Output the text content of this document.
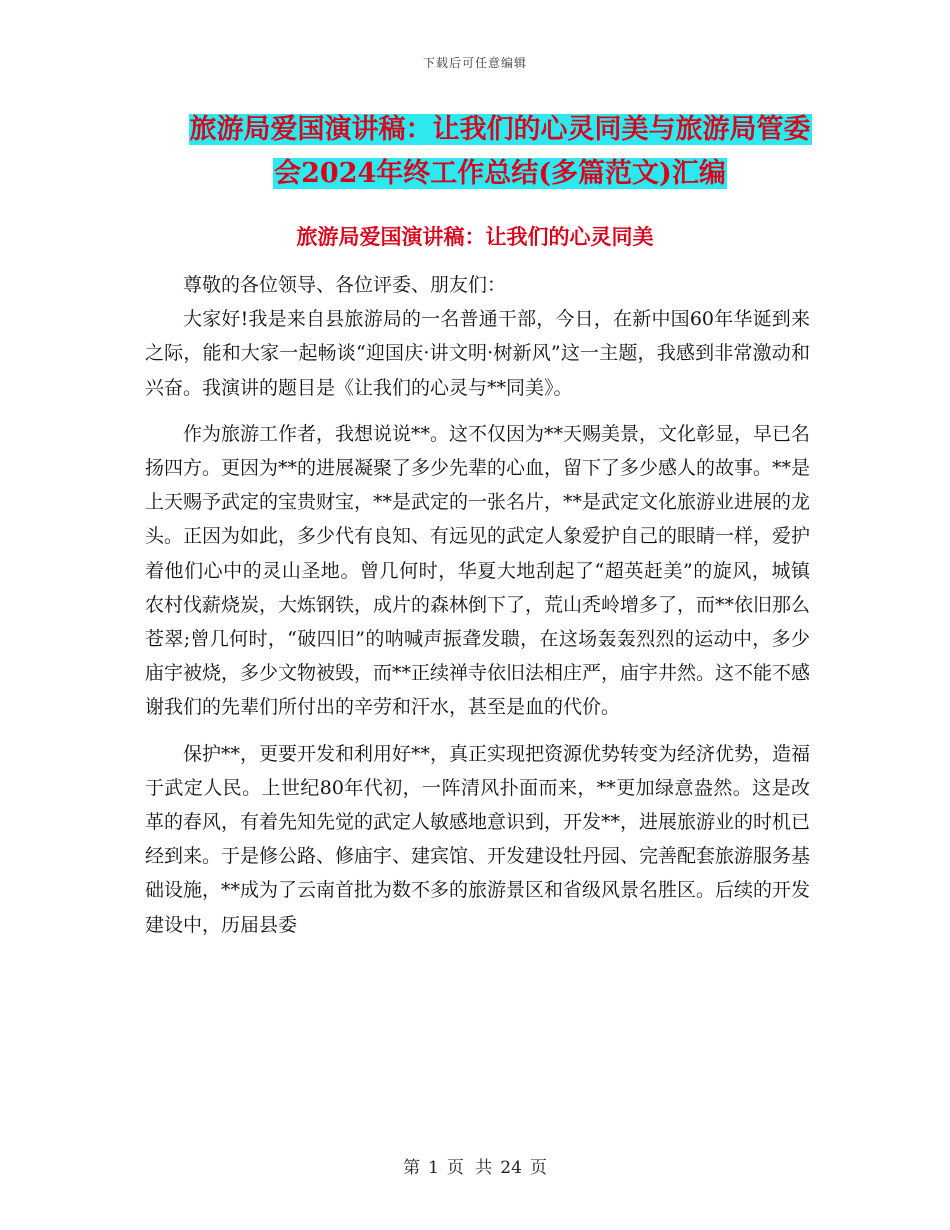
下载后可任意编辑
旅游局爱国演讲稿：让我们的心灵同美与旅游局管委
会2024年终工作总结(多篇范文)汇编
旅游局爱国演讲稿：让我们的心灵同美

尊敬的各位领导、各位评委、朋友们：

大家好!我是来自县旅游局的一名普通干部，今日，在新中国60年华诞到来之际，能和大家一起畅谈“迎国庆·讲文明·树新风”这一主题，我感到非常激动和兴奋。我演讲的题目是《让我们的心灵与**同美》。

作为旅游工作者，我想说说**。这不仅因为**天赐美景，文化彰显，早已名扬四方。更因为**的进展凝聚了多少先辈的心血，留下了多少感人的故事。**是上天赐予武定的宝贵财宝，**是武定的一张名片，**是武定文化旅游业进展的龙头。正因为如此，多少代有良知、有远见的武定人象爱护自己的眼睛一样，爱护着他们心中的灵山圣地。曾几何时，华夏大地刮起了“超英赶美”的旋风，城镇农村伐薪烧炭，大炼钢铁，成片的森林倒下了，荒山秃岭增多了，而**依旧那么苍翠;曾几何时，“破四旧”的呐喊声振聋发聩，在这场轰轰烈烈的运动中，多少庙宇被烧，多少文物被毁，而**正续禅寺依旧法相庄严，庙宇井然。这不能不感谢我们的先辈们所付出的辛劳和汗水，甚至是血的代价。

保护**，更要开发和利用好**，真正实现把资源优势转变为经济优势，造福于武定人民。上世纪80年代初，一阵清风扑面而来，**更加绿意盎然。这是改革的春风，有着先知先觉的武定人敏感地意识到，开发**，进展旅游业的时机已经到来。于是修公路、修庙宇、建宾馆、开发建设牡丹园、完善配套旅游服务基础设施，**成为了云南首批为数不多的旅游景区和省级风景名胜区。后续的开发建设中，历届县委

第 1 页 共 24 页
